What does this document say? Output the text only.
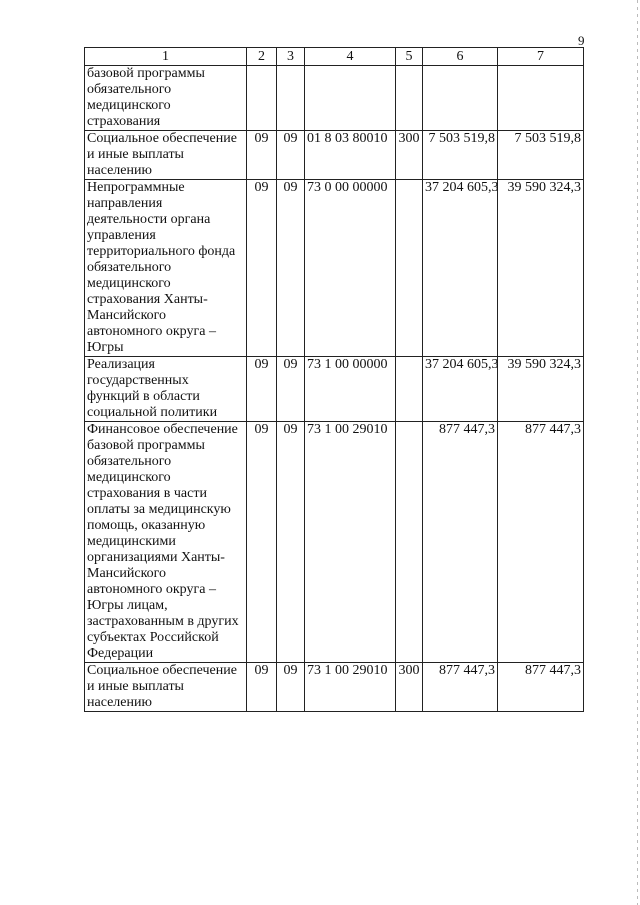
9
1	2	3	4	5	6	7
базовой программы обязательного медицинского страхования						
Социальное обеспечение и иные выплаты населению	09	09	01 8 03 80010	300	7 503 519,8	7 503 519,8
Непрограммные направления деятельности органа управления территориального фонда обязательного медицинского страхования Ханты-Мансийского автономного округа – Югры	09	09	73 0 00 00000		37 204 605,3	39 590 324,3
Реализация государственных функций в области социальной политики	09	09	73 1 00 00000		37 204 605,3	39 590 324,3
Финансовое обеспечение базовой программы обязательного медицинского страхования в части оплаты за медицинскую помощь, оказанную медицинскими организациями Ханты-Мансийского автономного округа – Югры лицам, застрахованным в других субъектах Российской Федерации	09	09	73 1 00 29010		877 447,3	877 447,3
Социальное обеспечение и иные выплаты населению	09	09	73 1 00 29010	300	877 447,3	877 447,3
